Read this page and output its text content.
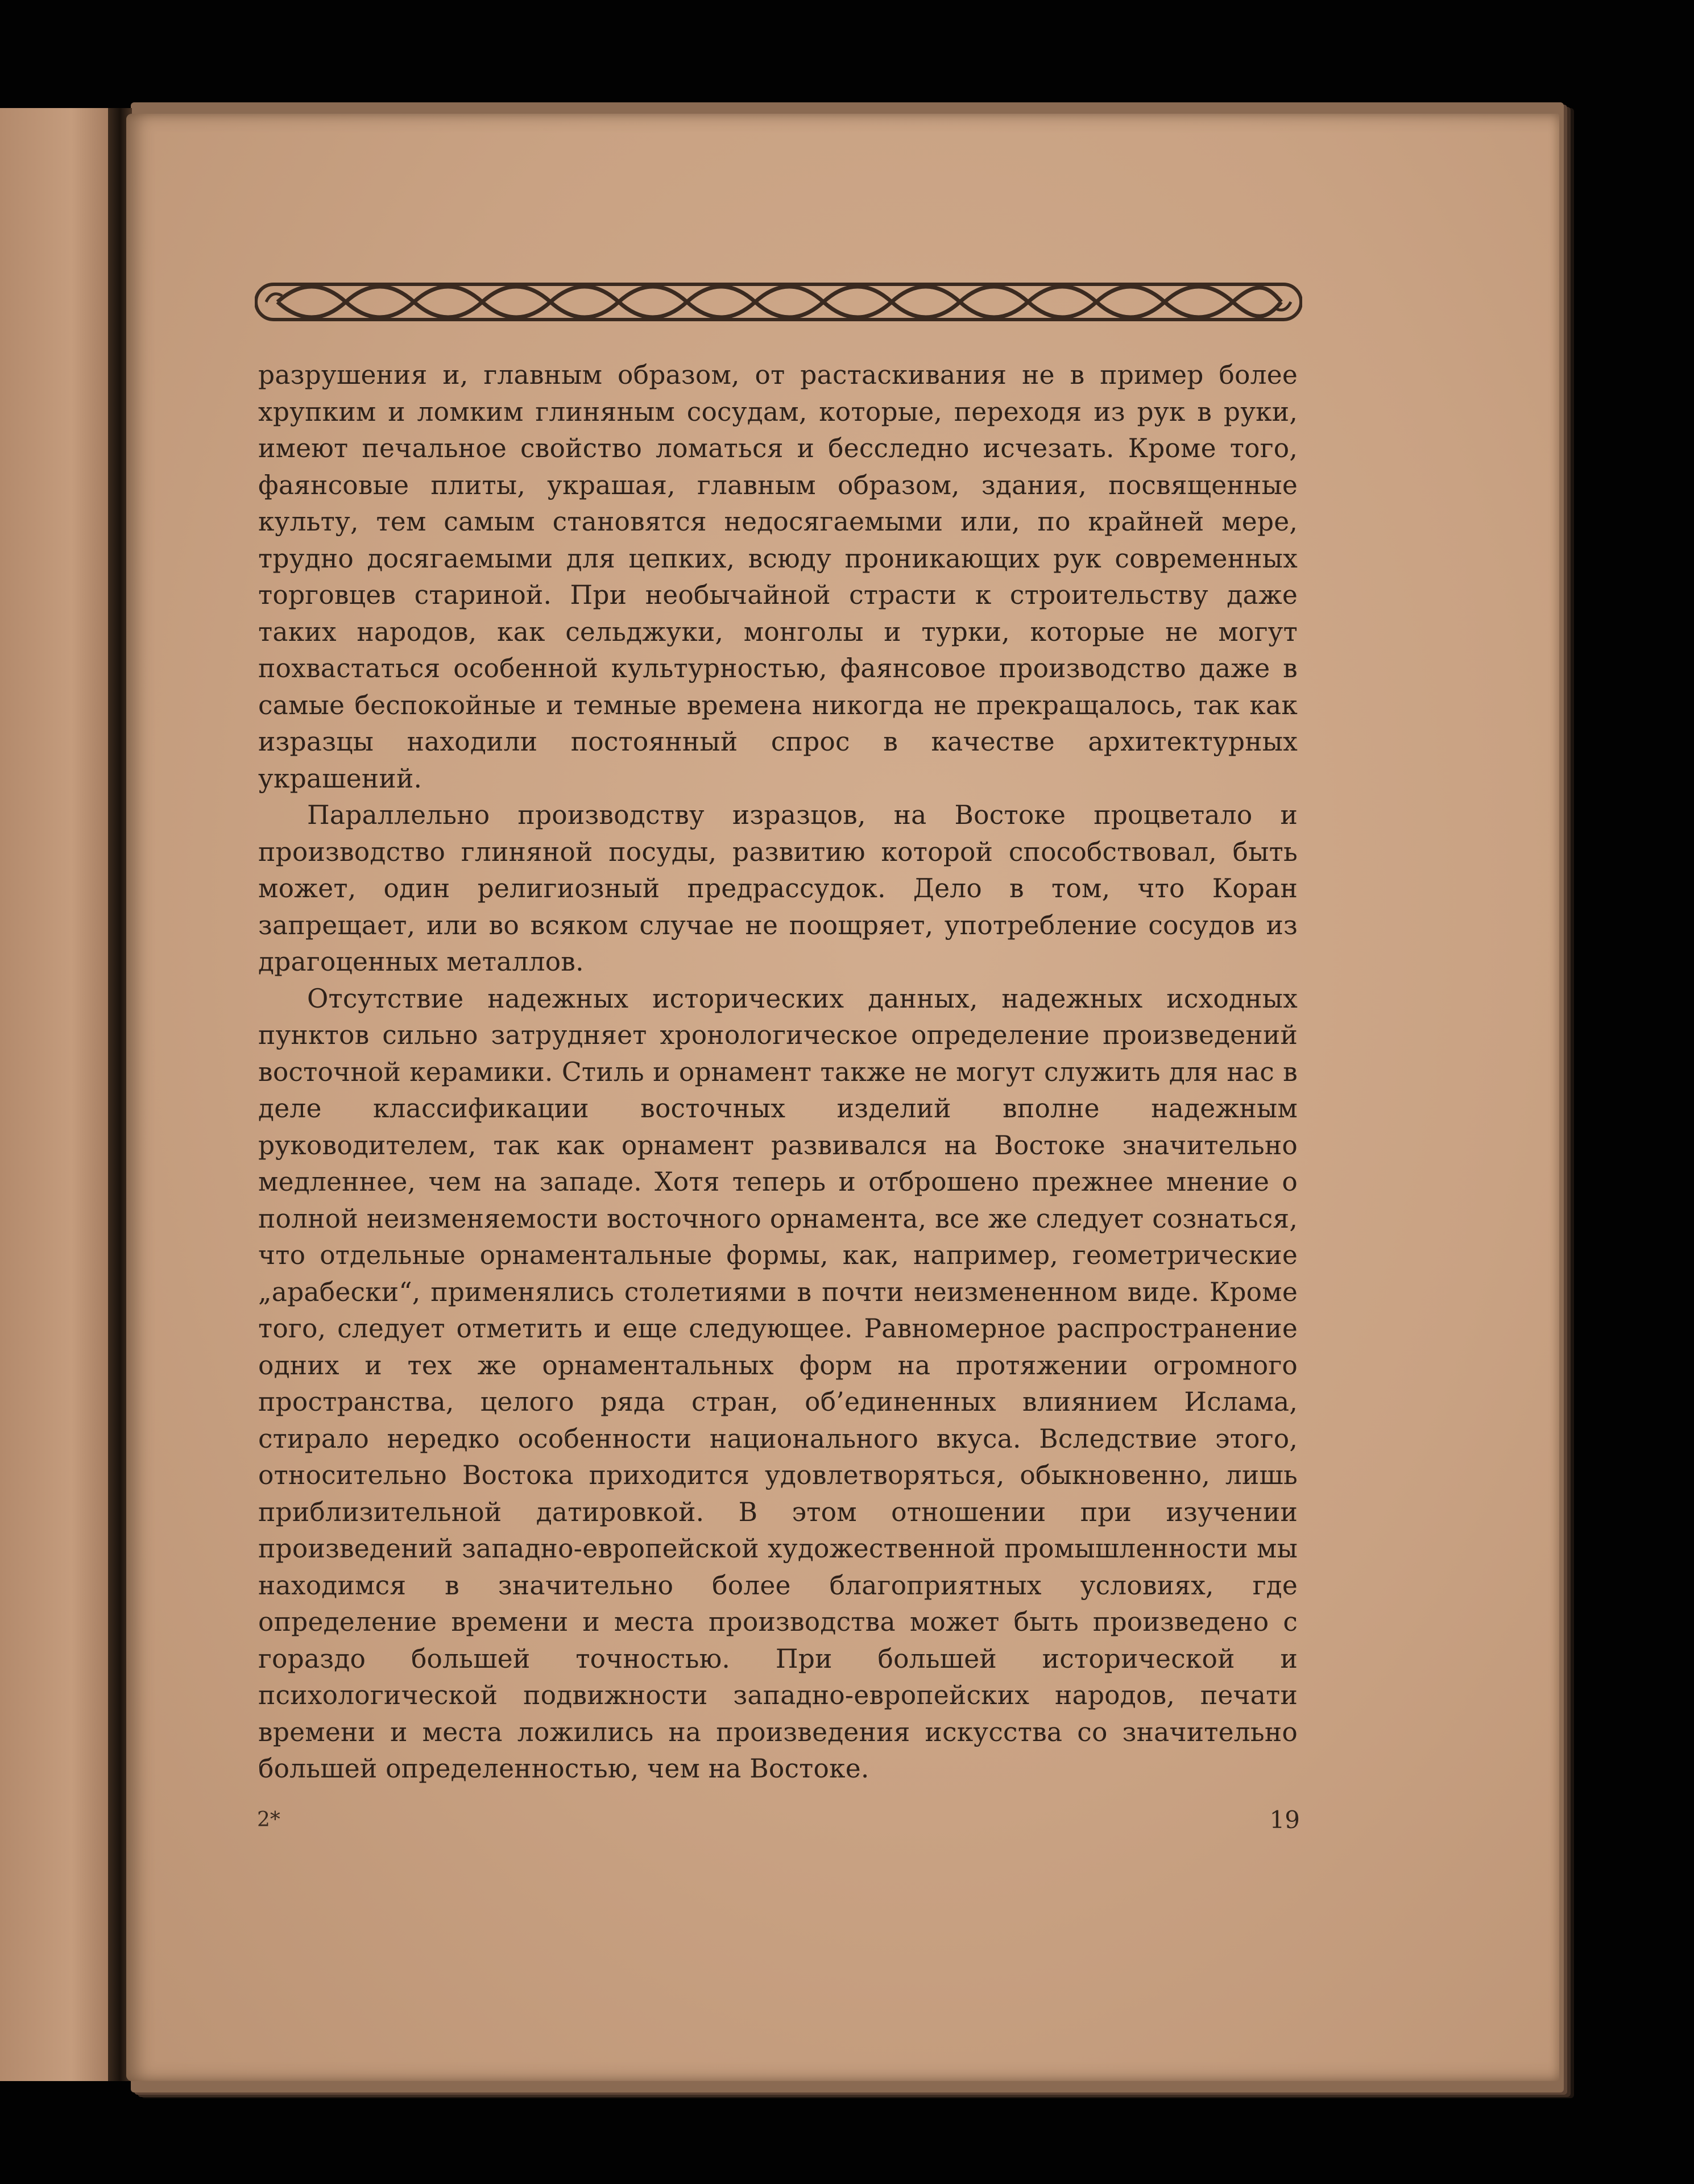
разрушения и, главным образом, от растаскивания не в пример более хрупким и ломким глиняным сосудам, которые, переходя из рук в руки, имеют печальное свойство ломаться и бесследно исчезать. Кроме того, фаянсовые плиты, украшая, главным образом, здания, посвященные культу, тем самым становятся недосягаемыми или, по крайней мере, трудно досягаемыми для цепких, всюду проникающих рук современных торговцев стариной. При необычайной страсти к строительству даже таких народов, как сельджуки, монголы и турки, которые не могут похвастаться особенной культурностью, фаянсовое производство даже в самые беспокойные и темные времена никогда не прекращалось, так как изразцы находили постоянный спрос в качестве архитектурных украшений.

Параллельно производству изразцов, на Востоке процветало и производство глиняной посуды, развитию которой способствовал, быть может, один религиозный предрассудок. Дело в том, что Коран запрещает, или во всяком случае не поощряет, употребление сосудов из драгоценных металлов.

Отсутствие надежных исторических данных, надежных исходных пунктов сильно затрудняет хронологическое определение произведений восточной керамики. Стиль и орнамент также не могут служить для нас в деле классификации восточных изделий вполне надежным руководителем, так как орнамент развивался на Востоке значительно медленнее, чем на западе. Хотя теперь и отброшено прежнее мнение о полной неизменяемости восточного орнамента, все же следует сознаться, что отдельные орнаментальные формы, как, например, геометрические „арабески“, применялись столетиями в почти неизмененном виде. Кроме того, следует отметить и еще следующее. Равномерное распространение одних и тех же орнаментальных форм на протяжении огромного пространства, целого ряда стран, об’единенных влиянием Ислама, стирало нередко особенности национального вкуса. Вследствие этого, относительно Востока приходится удовлетворяться, обыкновенно, лишь приблизительной датировкой. В этом отношении при изучении произведений западно-европейской художественной промышленности мы находимся в значительно более благоприятных условиях, где определение времени и места производства может быть произведено с гораздо большей точностью. При большей исторической и психологической подвижности западно-европейских народов, печати времени и места ложились на произведения искусства со значительно большей определенностью, чем на Востоке.

2*	19
